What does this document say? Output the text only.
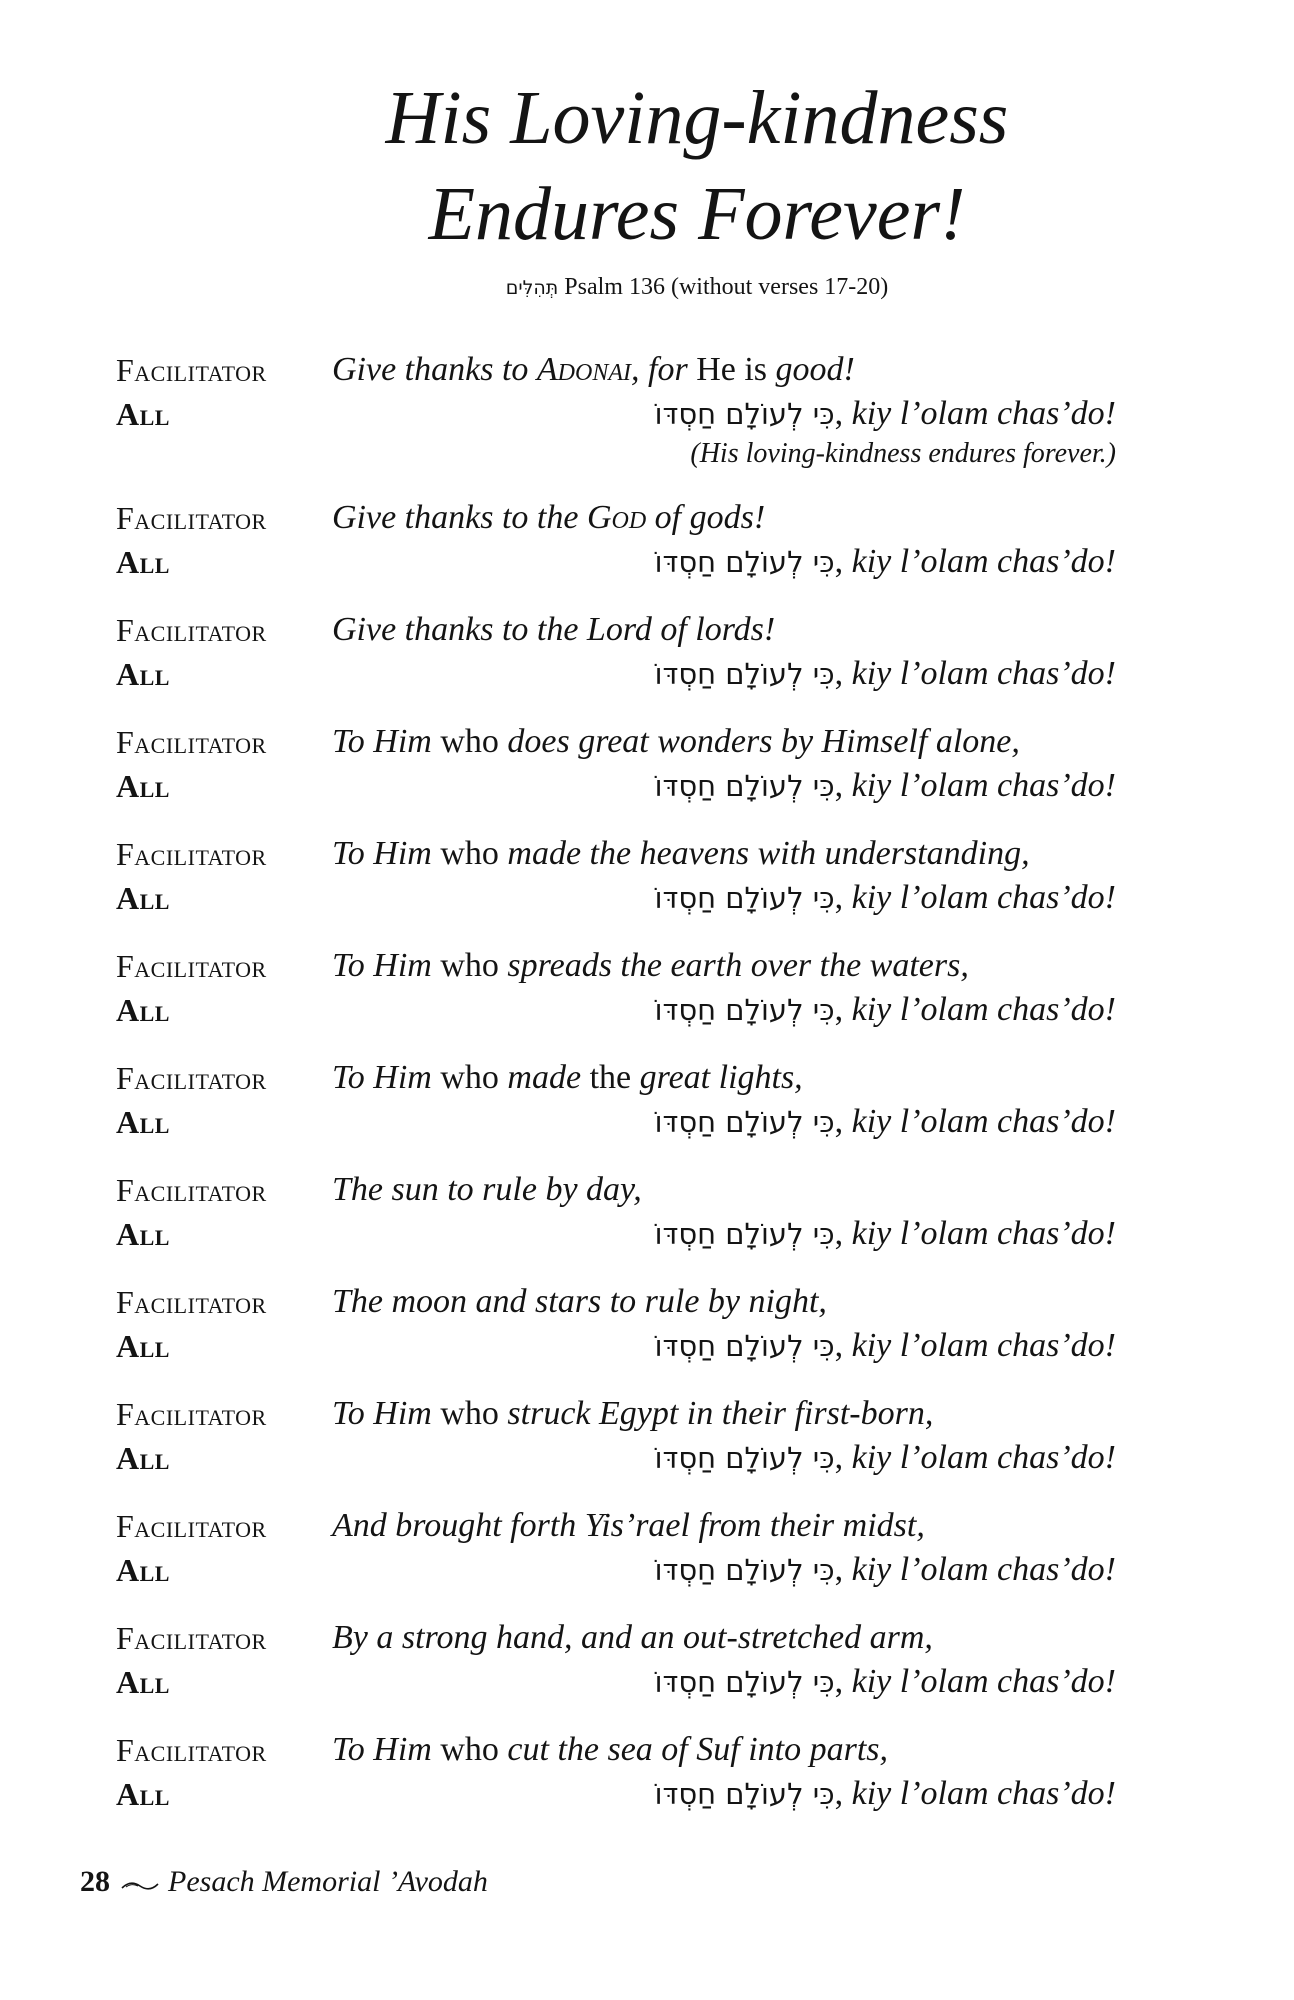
His Loving-kindness
Endures Forever!
תְּהִלִּים Psalm 136 (without verses 17-20)
Facilitator Give thanks to Adonai, for He is good!
All	כִּי לְעוֹלָם חַסְדּוֹ, kiy l’olam chas’do!
(His loving-kindness endures forever.)
Facilitator Give thanks to the God of gods!
All	כִּי לְעוֹלָם חַסְדּוֹ, kiy l’olam chas’do!
Facilitator Give thanks to the Lord of lords!
All	כִּי לְעוֹלָם חַסְדּוֹ, kiy l’olam chas’do!
Facilitator To Him who does great wonders by Himself alone,
All	כִּי לְעוֹלָם חַסְדּוֹ, kiy l’olam chas’do!
Facilitator To Him who made the heavens with understanding,
All	כִּי לְעוֹלָם חַסְדּוֹ, kiy l’olam chas’do!
Facilitator To Him who spreads the earth over the waters,
All	כִּי לְעוֹלָם חַסְדּוֹ, kiy l’olam chas’do!
Facilitator To Him who made the great lights,
All	כִּי לְעוֹלָם חַסְדּוֹ, kiy l’olam chas’do!
Facilitator The sun to rule by day,
All	כִּי לְעוֹלָם חַסְדּוֹ, kiy l’olam chas’do!
Facilitator The moon and stars to rule by night,
All	כִּי לְעוֹלָם חַסְדּוֹ, kiy l’olam chas’do!
Facilitator To Him who struck Egypt in their first-born,
All	כִּי לְעוֹלָם חַסְדּוֹ, kiy l’olam chas’do!
Facilitator And brought forth Yis’rael from their midst,
All	כִּי לְעוֹלָם חַסְדּוֹ, kiy l’olam chas’do!
Facilitator By a strong hand, and an out-stretched arm,
All	כִּי לְעוֹלָם חַסְדּוֹ, kiy l’olam chas’do!
Facilitator To Him who cut the sea of Suf into parts,
All	כִּי לְעוֹלָם חַסְדּוֹ, kiy l’olam chas’do!
28 Pesach Memorial ’Avodah
